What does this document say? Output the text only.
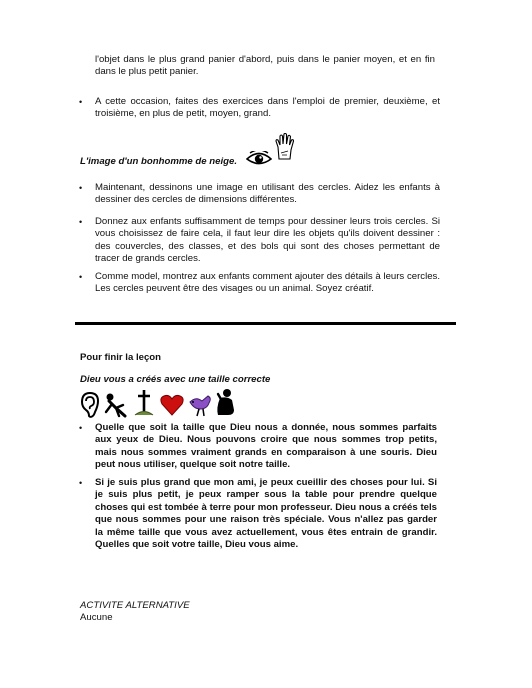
l'objet dans le plus grand panier d'abord, puis dans le panier moyen, et en fin dans le plus petit panier.
• A cette occasion, faites des exercices dans l'emploi de premier, deuxième, et troisième, en plus de petit, moyen, grand.
L'image d'un bonhomme de neige.
• Maintenant, dessinons une image en utilisant des cercles. Aidez les enfants à dessiner des cercles de dimensions différentes.
• Donnez aux enfants suffisamment de temps pour dessiner leurs trois cercles. Si vous choisissez de faire cela, il faut leur dire les objets qu'ils doivent dessiner : des couvercles, des classes, et des bols qui sont des choses permettant de tracer de grands cercles.
• Comme model, montrez aux enfants comment ajouter des détails à leurs cercles. Les cercles peuvent être des visages ou un animal. Soyez créatif.
Pour finir la leçon
Dieu vous a créés avec une taille correcte
• Quelle que soit la taille que Dieu nous a donnée, nous sommes parfaits aux yeux de Dieu. Nous pouvons croire que nous sommes trop petits, mais nous sommes vraiment grands en comparaison à une souris. Dieu peut nous utiliser, quelque soit notre taille.
• Si je suis plus grand que mon ami, je peux cueillir des choses pour lui. Si je suis plus petit, je peux ramper sous la table pour prendre quelque choses qui est tombée à terre pour mon professeur. Dieu nous a créés tels que nous sommes pour une raison très spéciale. Vous n'allez pas garder la même taille que vous avez actuellement, vous êtes entrain de grandir. Quelles que soit votre taille, Dieu vous aime.
ACTIVITE ALTERNATIVE
Aucune
